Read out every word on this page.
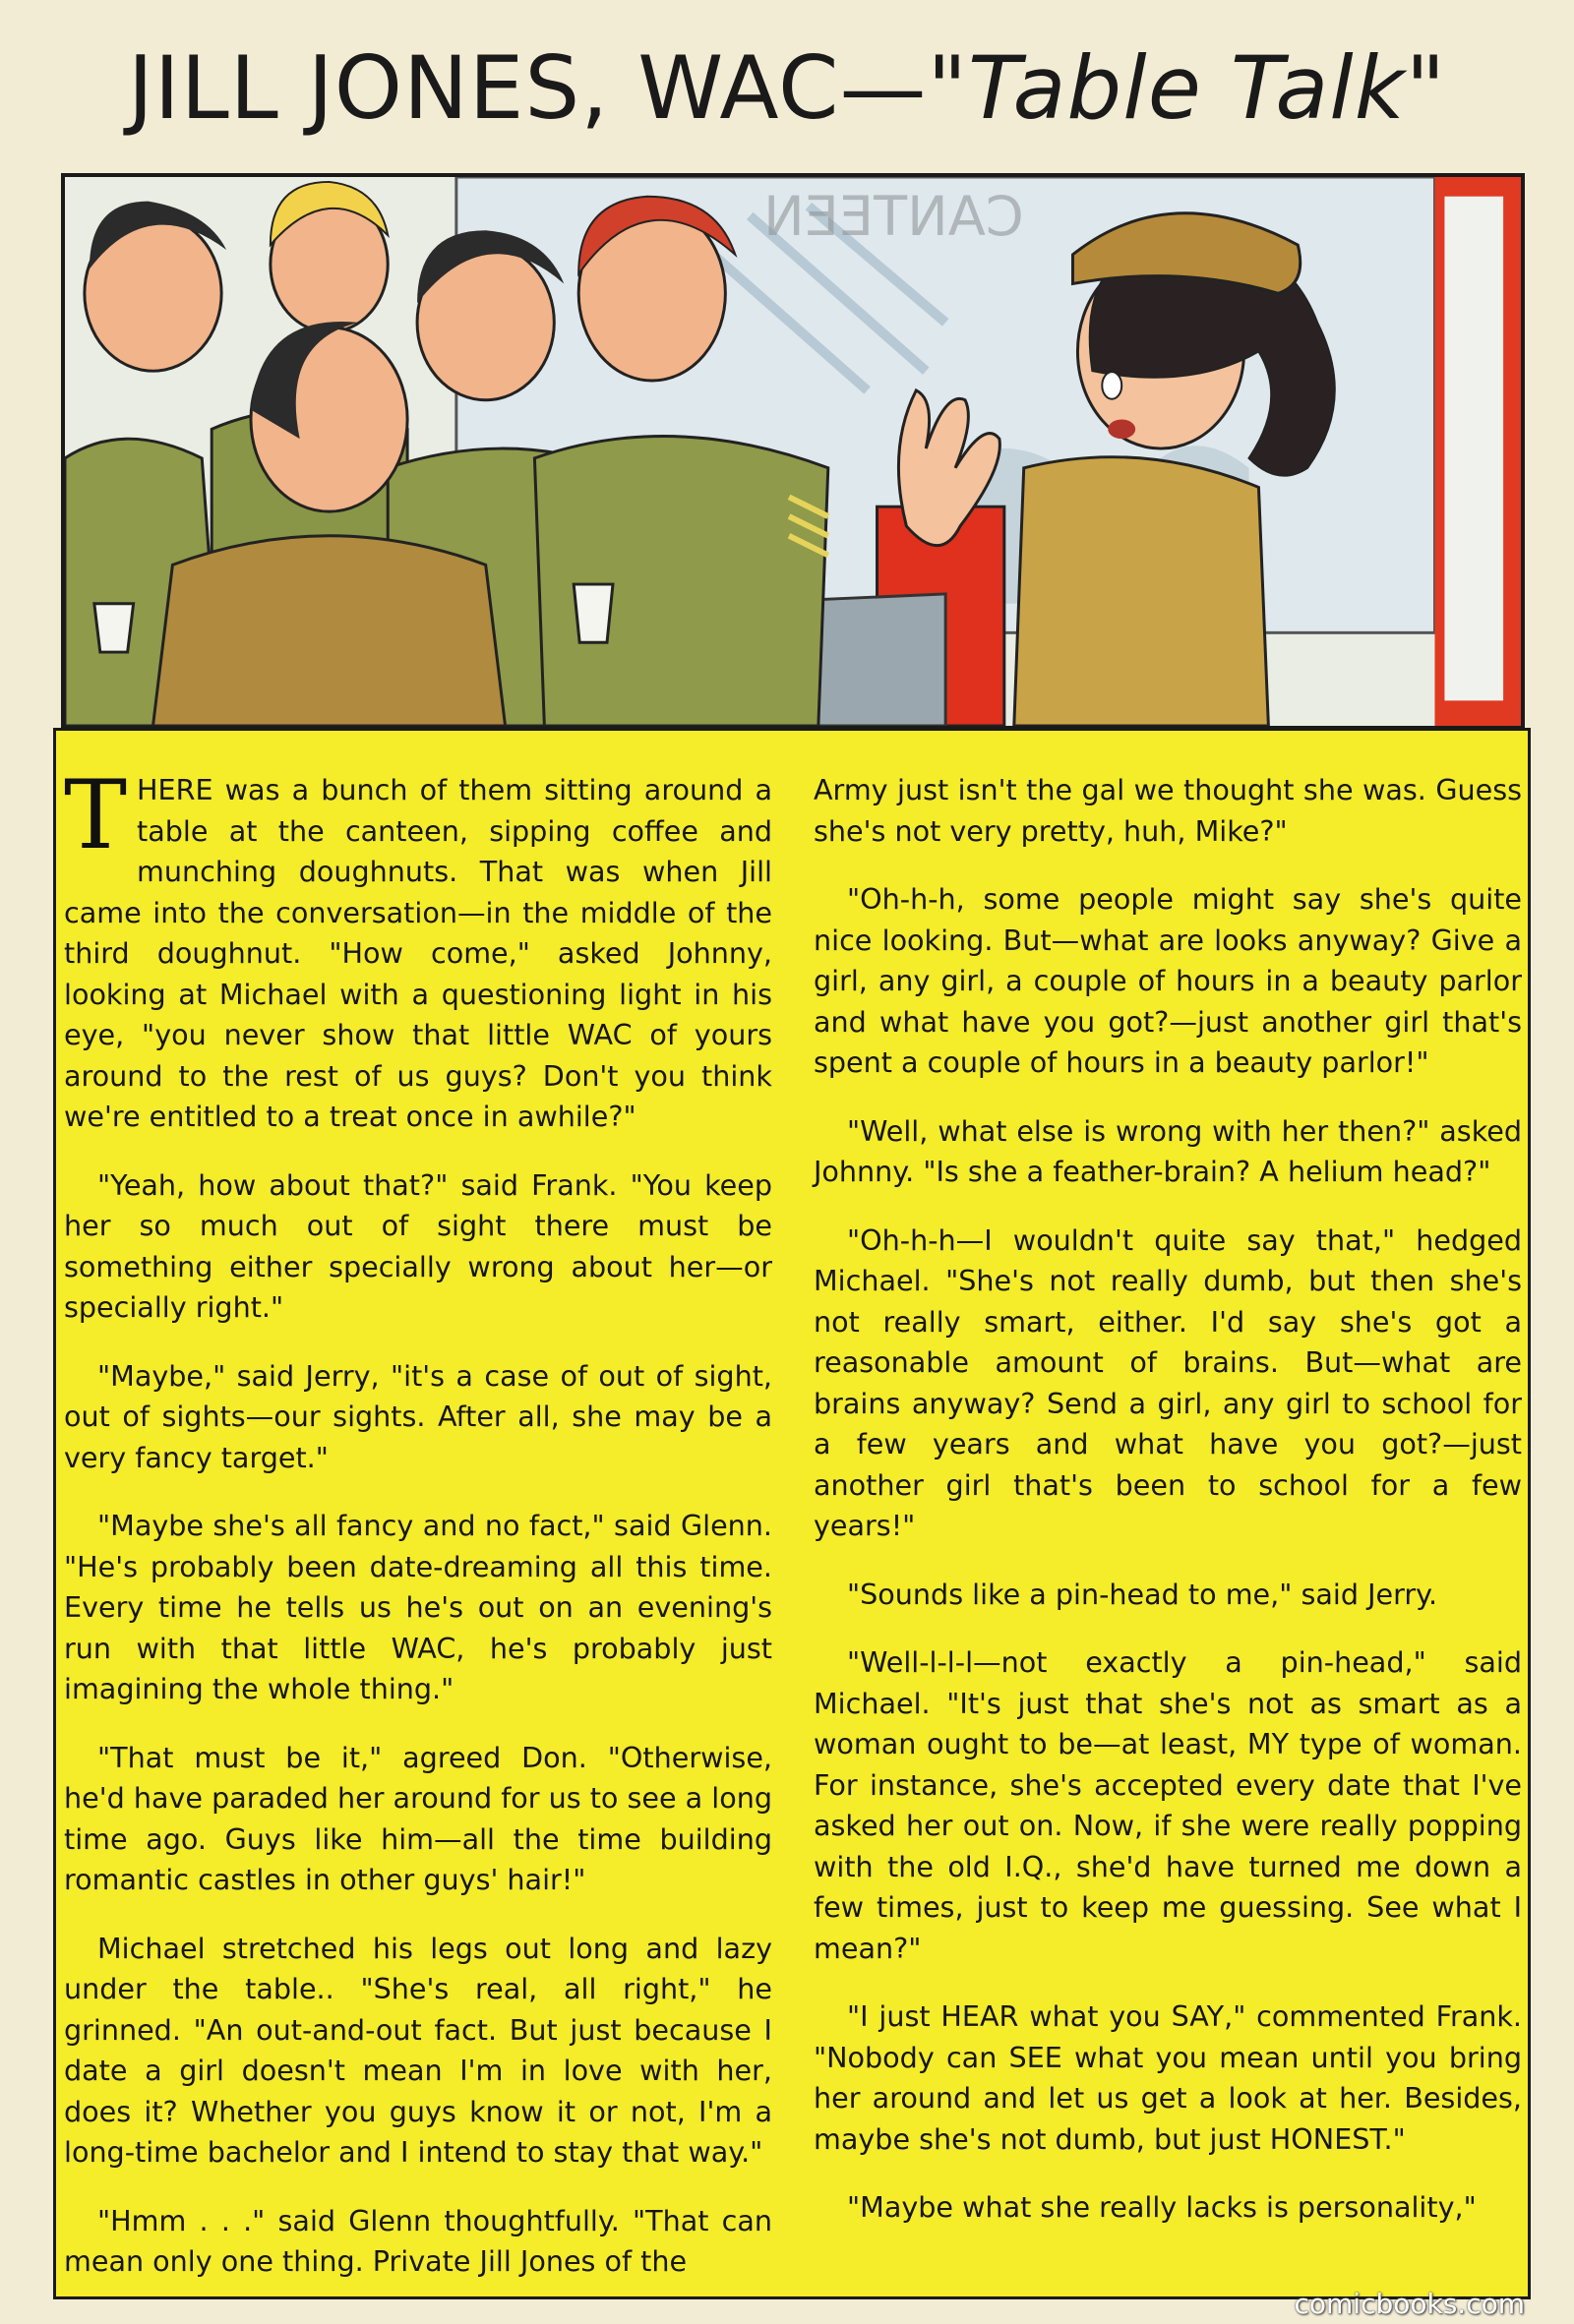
JILL JONES, WAC—"Table Talk"
CANTEEN

THERE was a bunch of them sitting around a table at the canteen, sipping coffee and munching doughnuts. That was when Jill came into the conversation—in the middle of the third doughnut. "How come," asked Johnny, looking at Michael with a questioning light in his eye, "you never show that little WAC of yours around to the rest of us guys? Don't you think we're entitled to a treat once in awhile?"

"Yeah, how about that?" said Frank. "You keep her so much out of sight there must be something either specially wrong about her—or specially right."

"Maybe," said Jerry, "it's a case of out of sight, out of sights—our sights. After all, she may be a very fancy target."

"Maybe she's all fancy and no fact," said Glenn. "He's probably been date-dreaming all this time. Every time he tells us he's out on an evening's run with that little WAC, he's probably just imagining the whole thing."

"That must be it," agreed Don. "Otherwise, he'd have paraded her around for us to see a long time ago. Guys like him—all the time building romantic castles in other guys' hair!"

Michael stretched his legs out long and lazy under the table.. "She's real, all right," he grinned. "An out-and-out fact. But just because I date a girl doesn't mean I'm in love with her, does it? Whether you guys know it or not, I'm a long-time bachelor and I intend to stay that way."

"Hmm . . ." said Glenn thoughtfully. "That can mean only one thing. Private Jill Jones of the

Army just isn't the gal we thought she was. Guess she's not very pretty, huh, Mike?"

"Oh-h-h, some people might say she's quite nice looking. But—what are looks anyway? Give a girl, any girl, a couple of hours in a beauty parlor and what have you got?—just another girl that's spent a couple of hours in a beauty parlor!"

"Well, what else is wrong with her then?" asked Johnny. "Is she a feather-brain? A helium head?"

"Oh-h-h—I wouldn't quite say that," hedged Michael. "She's not really dumb, but then she's not really smart, either. I'd say she's got a reasonable amount of brains. But—what are brains anyway? Send a girl, any girl to school for a few years and what have you got?—just another girl that's been to school for a few years!"

"Sounds like a pin-head to me," said Jerry.

"Well-l-l-l—not exactly a pin-head," said Michael. "It's just that she's not as smart as a woman ought to be—at least, MY type of woman. For instance, she's accepted every date that I've asked her out on. Now, if she were really popping with the old I.Q., she'd have turned me down a few times, just to keep me guessing. See what I mean?"

"I just HEAR what you SAY," commented Frank. "Nobody can SEE what you mean until you bring her around and let us get a look at her. Besides, maybe she's not dumb, but just HONEST."

"Maybe what she really lacks is personality,"

comicbooks.com
